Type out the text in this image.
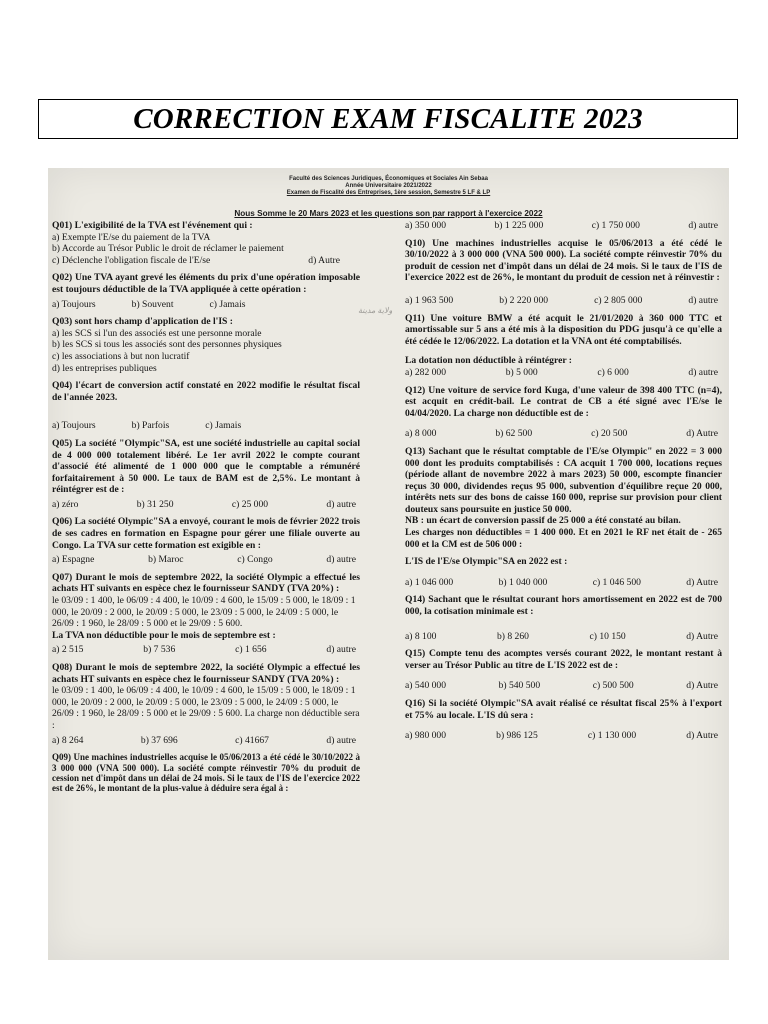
CORRECTION EXAM FISCALITE 2023
Faculté des Sciences Juridiques, Économiques et Sociales Ain Sebaa
Année Universitaire 2021/2022
Examen de Fiscalité des Entreprises, 1ère session, Semestre 5 LF & LP
Nous Somme le 20 Mars 2023 et les questions son par rapport à l'exercice 2022
Q01) L'exigibilité de la TVA est l'événement qui :
a) Exempte l'E/se du paiement de la TVA
b) Accorde au Trésor Public le droit de réclamer le paiement
c) Déclenche l'obligation fiscale de l'E/se	d) Autre
Q02) Une TVA ayant grevé les éléments du prix d'une opération imposable est toujours déductible de la TVA appliquée à cette opération :
a) Toujours	b) Souvent	c) Jamais
Q03) sont hors champ d'application de l'IS :
a) les SCS si l'un des associés est une personne morale
b) les SCS si tous les associés sont des personnes physiques
c) les associations à but non lucratif
d) les entreprises publiques
Q04) l'écart de conversion actif constaté en 2022 modifie le résultat fiscal de l'année 2023.
a) Toujours	b) Parfois	c) Jamais
Q05) La société "Olympic"SA, est une société industrielle au capital social de 4 000 000 totalement libéré. Le 1er avril 2022 le compte courant d'associé été alimenté de 1 000 000 que le comptable a rémunéré forfaitairement à 50 000. Le taux de BAM est de 2,5%. Le montant à réintégrer est de :
a) zéro	b) 31 250	c) 25 000	d) autre
Q06) La société Olympic"SA a envoyé, courant le mois de février 2022 trois de ses cadres en formation en Espagne pour gérer une filiale ouverte au Congo. La TVA sur cette formation est exigible en :
a) Espagne	b) Maroc	c) Congo	d) autre
Q07) Durant le mois de septembre 2022, la société Olympic a effectué les achats HT suivants en espèce chez le fournisseur SANDY (TVA 20%) :
le 03/09 : 1 400, le 06/09 : 4 400, le 10/09 : 4 600, le 15/09 : 5 000, le 18/09 : 1 000, le 20/09 : 2 000, le 20/09 : 5 000, le 23/09 : 5 000, le 24/09 : 5 000, le 26/09 : 1 960, le 28/09 : 5 000 et le 29/09 : 5 600.
La TVA non déductible pour le mois de septembre est :
a) 2 515	b) 7 536	c) 1 656	d) autre
Q08) Durant le mois de septembre 2022, la société Olympic a effectué les achats HT suivants en espèce chez le fournisseur SANDY (TVA 20%) :
le 03/09 : 1 400, le 06/09 : 4 400, le 10/09 : 4 600, le 15/09 : 5 000, le 18/09 : 1 000, le 20/09 : 2 000, le 20/09 : 5 000, le 23/09 : 5 000, le 24/09 : 5 000, le 26/09 : 1 960, le 28/09 : 5 000 et le 29/09 : 5 600. La charge non déductible sera :
a) 8 264	b) 37 696	c) 41667	d) autre
Q09) Une machines industrielles acquise le 05/06/2013 a été cédé le 30/10/2022 à 3 000 000 (VNA 500 000). La société compte réinvestir 70% du produit de cession net d'impôt dans un délai de 24 mois. Si le taux de l'IS de l'exercice 2022 est de 26%, le montant de la plus-value à déduire sera égal à :
a) 350 000	b) 1 225 000	c) 1 750 000	d) autre
Q10) Une machines industrielles acquise le 05/06/2013 a été cédé le 30/10/2022 à 3 000 000 (VNA 500 000). La société compte réinvestir 70% du produit de cession net d'impôt dans un délai de 24 mois. Si le taux de l'IS de l'exercice 2022 est de 26%, le montant du produit de cession net à réinvestir :
a) 1 963 500	b) 2 220 000	c) 2 805 000	d) autre
Q11) Une voiture BMW a été acquit le 21/01/2020 à 360 000 TTC et amortissable sur 5 ans a été mis à la disposition du PDG jusqu'à ce qu'elle a été cédée le 12/06/2022. La dotation et la VNA ont été comptabilisés.
La dotation non déductible à réintégrer :
a) 282 000	b) 5 000	c) 6 000	d) autre
Q12) Une voiture de service ford Kuga, d'une valeur de 398 400 TTC (n=4), est acquit en crédit-bail. Le contrat de CB a été signé avec l'E/se le 04/04/2020. La charge non déductible est de :
a) 8 000	b) 62 500	c) 20 500	d) Autre
Q13) Sachant que le résultat comptable de l'E/se Olympic" en 2022 = 3 000 000 dont les produits comptabilisés : CA acquit 1 700 000, locations reçues (période allant de novembre 2022 à mars 2023) 50 000, escompte financier reçus 30 000, dividendes reçus 95 000, subvention d'équilibre reçue 20 000, intérêts nets sur des bons de caisse 160 000, reprise sur provision pour client douteux sans poursuite en justice 50 000.
NB : un écart de conversion passif de 25 000 a été constaté au bilan.
Les charges non déductibles = 1 400 000. Et en 2021 le RF net était de - 265 000 et la CM est de 506 000 :
L'IS de l'E/se Olympic"SA en 2022 est :
a) 1 046 000	b) 1 040 000	c) 1 046 500	d) Autre
Q14) Sachant que le résultat courant hors amortissement en 2022 est de 700 000, la cotisation minimale est :
a) 8 100	b) 8 260	c) 10 150	d) Autre
Q15) Compte tenu des acomptes versés courant 2022, le montant restant à verser au Trésor Public au titre de L'IS 2022 est de :
a) 540 000	b) 540 500	c) 500 500	d) Autre
Q16) Si la société Olympic"SA avait réalisé ce résultat fiscal 25% à l'export et 75% au locale. L'IS dû sera :
a) 980 000	b) 986 125	c) 1 130 000	d) Autre
ولاية مدينة
